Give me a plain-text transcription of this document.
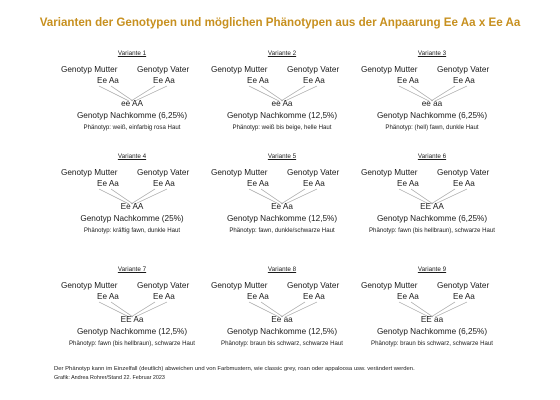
Varianten der Genotypen und möglichen Phänotypen aus der Anpaarung Ee Aa x Ee Aa
Variante 1
Genotyp Mutter Genotyp Vater
Ee Aa	Ee Aa
ee AA
Genotyp Nachkomme (6,25%)
Phänotyp: weiß, einfarbig rosa Haut
Variante 2
Genotyp Mutter Genotyp Vater
Ee Aa	Ee Aa
ee Aa
Genotyp Nachkomme (12,5%)
Phänotyp: weiß bis beige, helle Haut
Variante 3
Genotyp Mutter Genotyp Vater
Ee Aa	Ee Aa
ee aa
Genotyp Nachkomme (6,25%)
Phänotyp: (hell) fawn, dunkle Haut
Variante 4
Genotyp Mutter Genotyp Vater
Ee Aa	Ee Aa
Ee AA
Genotyp Nachkomme (25%)
Phänotyp: kräftig fawn, dunkle Haut
Variante 5
Genotyp Mutter Genotyp Vater
Ee Aa	Ee Aa
Ee Aa
Genotyp Nachkomme (12,5%)
Phänotyp: fawn, dunkle/schwarze Haut
Variante 6
Genotyp Mutter Genotyp Vater
Ee Aa	Ee Aa
EE AA
Genotyp Nachkomme (6,25%)
Phänotyp: fawn (bis hellbraun), schwarze Haut
Variante 7
Genotyp Mutter Genotyp Vater
Ee Aa	Ee Aa
EE Aa
Genotyp Nachkomme (12,5%)
Phänotyp: fawn (bis hellbraun), schwarze Haut
Variante 8
Genotyp Mutter Genotyp Vater
Ee Aa	Ee Aa
Ee aa
Genotyp Nachkomme (12,5%)
Phänotyp: braun bis schwarz, schwarze Haut
Variante 9
Genotyp Mutter Genotyp Vater
Ee Aa	Ee Aa
EE aa
Genotyp Nachkomme (6,25%)
Phänotyp: braun bis schwarz, schwarze Haut
Der Phänotyp kann im Einzelfall (deutlich) abweichen und von Farbmustern, wie classic grey, roan oder appaloosa usw. verändert werden.
Grafik: Andrea Rohrer/Stand 22. Februar 2023
